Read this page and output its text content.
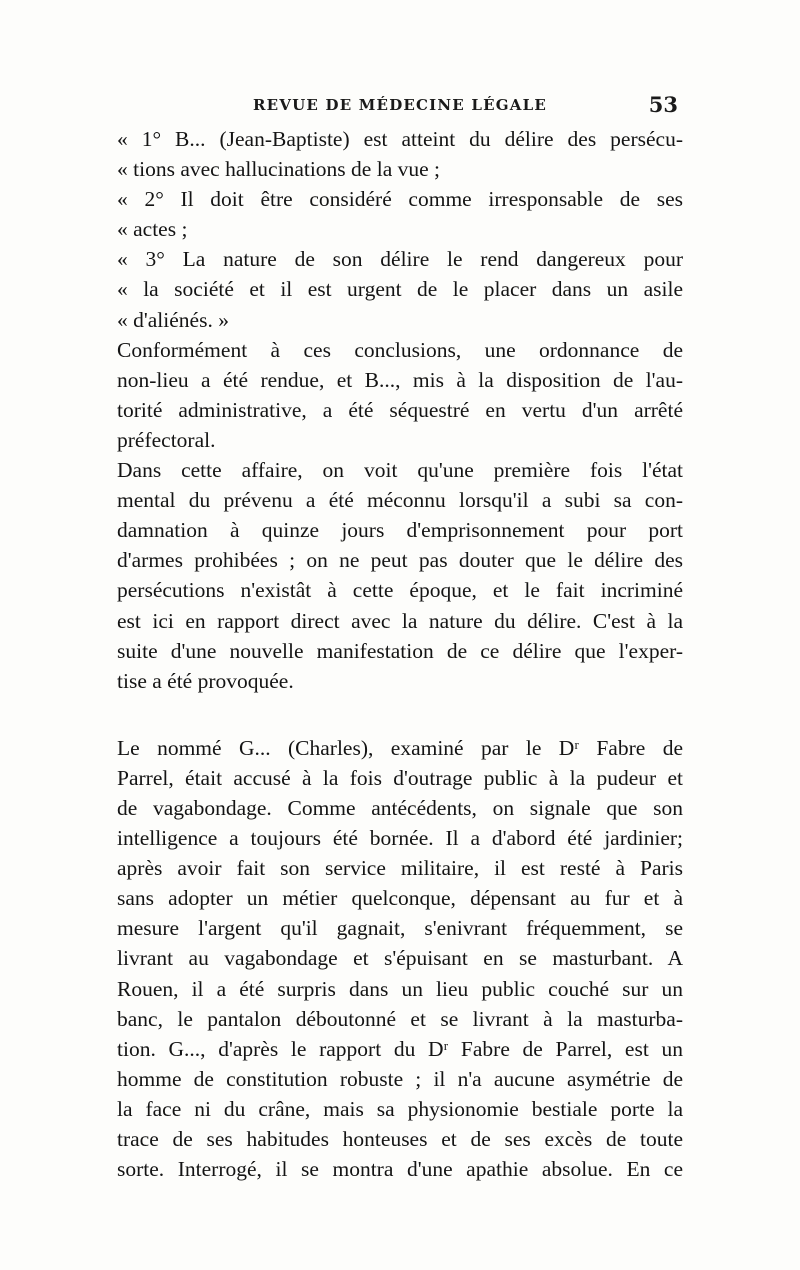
REVUE DE MÉDECINE LÉGALE	53
« 1° B... (Jean-Baptiste) est atteint du délire des persécu-
« tions avec hallucinations de la vue ;
« 2° Il doit être considéré comme irresponsable de ses
« actes ;
« 3° La nature de son délire le rend dangereux pour
« la société et il est urgent de le placer dans un asile
« d'aliénés. »
Conformément à ces conclusions, une ordonnance de
non-lieu a été rendue, et B..., mis à la disposition de l'au-
torité administrative, a été séquestré en vertu d'un arrêté
préfectoral.
Dans cette affaire, on voit qu'une première fois l'état
mental du prévenu a été méconnu lorsqu'il a subi sa con-
damnation à quinze jours d'emprisonnement pour port
d'armes prohibées ; on ne peut pas douter que le délire des
persécutions n'existât à cette époque, et le fait incriminé
est ici en rapport direct avec la nature du délire. C'est à la
suite d'une nouvelle manifestation de ce délire que l'exper-
tise a été provoquée.
Le nommé G... (Charles), examiné par le Dʳ Fabre de
Parrel, était accusé à la fois d'outrage public à la pudeur et
de vagabondage. Comme antécédents, on signale que son
intelligence a toujours été bornée. Il a d'abord été jardinier;
après avoir fait son service militaire, il est resté à Paris
sans adopter un métier quelconque, dépensant au fur et à
mesure l'argent qu'il gagnait, s'enivrant fréquemment, se
livrant au vagabondage et s'épuisant en se masturbant. A
Rouen, il a été surpris dans un lieu public couché sur un
banc, le pantalon déboutonné et se livrant à la masturba-
tion. G..., d'après le rapport du Dʳ Fabre de Parrel, est un
homme de constitution robuste ; il n'a aucune asymétrie de
la face ni du crâne, mais sa physionomie bestiale porte la
trace de ses habitudes honteuses et de ses excès de toute
sorte. Interrogé, il se montra d'une apathie absolue. En ce
